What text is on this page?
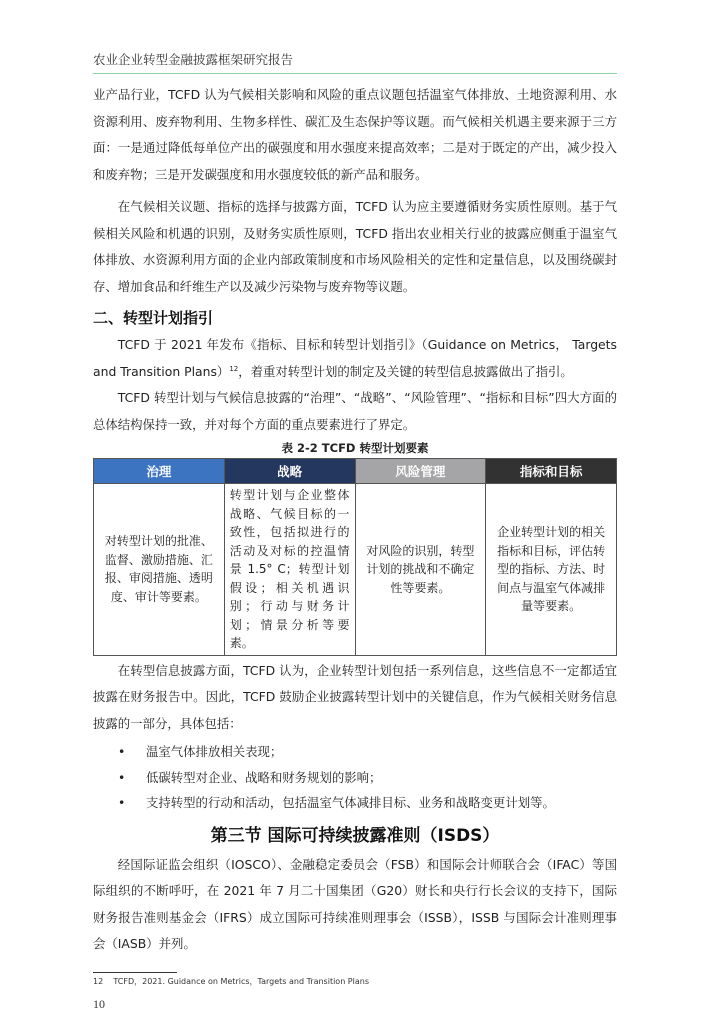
农业企业转型金融披露框架研究报告

业产品行业，TCFD 认为气候相关影响和风险的重点议题包括温室气体排放、土地资源利用、水资源利用、废弃物利用、生物多样性、碳汇及生态保护等议题。而气候相关机遇主要来源于三方面：一是通过降低每单位产出的碳强度和用水强度来提高效率；二是对于既定的产出，减少投入和废弃物；三是开发碳强度和用水强度较低的新产品和服务。

在气候相关议题、指标的选择与披露方面，TCFD 认为应主要遵循财务实质性原则。基于气候相关风险和机遇的识别，及财务实质性原则，TCFD 指出农业相关行业的披露应侧重于温室气体排放、水资源利用方面的企业内部政策制度和市场风险相关的定性和定量信息，以及围绕碳封存、增加食品和纤维生产以及减少污染物与废弃物等议题。

二、转型计划指引

TCFD 于 2021 年发布《指标、目标和转型计划指引》（Guidance on Metrics， Targets and Transition Plans）$^{12}$，着重对转型计划的制定及关键的转型信息披露做出了指引。

TCFD 转型计划与气候信息披露的“治理”、“战略”、“风险管理”、“指标和目标”四大方面的总体结构保持一致，并对每个方面的重点要素进行了界定。

表 2-2 TCFD 转型计划要素
治理	战略	风险管理	指标和目标
对转型计划的批准、监督、激励措施、汇报、审阅措施、透明度、审计等要素。	转型计划与企业整体战略、气候目标的一致性，包括拟进行的活动及对标的控温情景 1.5° C；转型计划假设；相关机遇识别；行动与财务计划；情景分析等要素。	对风险的识别，转型计划的挑战和不确定性等要素。	企业转型计划的相关指标和目标，评估转型的指标、方法、时间点与温室气体减排量等要素。

在转型信息披露方面，TCFD 认为，企业转型计划包括一系列信息，这些信息不一定都适宜披露在财务报告中。因此，TCFD 鼓励企业披露转型计划中的关键信息，作为气候相关财务信息披露的一部分，具体包括：

• 温室气体排放相关表现；
• 低碳转型对企业、战略和财务规划的影响；
• 支持转型的行动和活动，包括温室气体减排目标、业务和战略变更计划等。
第三节 国际可持续披露准则（ISDS）

经国际证监会组织（IOSCO）、金融稳定委员会（FSB）和国际会计师联合会（IFAC）等国际组织的不断呼吁，在 2021 年 7 月二十国集团（G20）财长和央行行长会议的支持下，国际财务报告准则基金会（IFRS）成立国际可持续准则理事会（ISSB），ISSB 与国际会计准则理事会（IASB）并列。

12 TCFD，2021. Guidance on Metrics，Targets and Transition Plans
10
